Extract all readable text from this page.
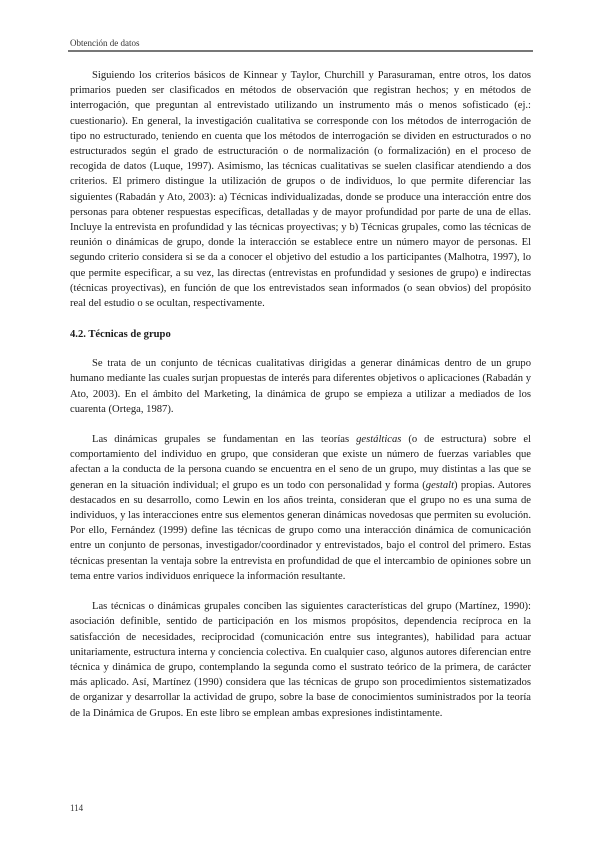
Obtención de datos

Siguiendo los criterios básicos de Kinnear y Taylor, Churchill y Parasuraman, entre otros, los datos primarios pueden ser clasificados en métodos de observación que registran hechos; y en métodos de interrogación, que preguntan al entrevistado utilizando un instrumento más o menos sofisticado (ej.: cuestionario). En general, la investigación cualitativa se corresponde con los métodos de interrogación de tipo no estructurado, teniendo en cuenta que los métodos de interrogación se dividen en estructurados o no estructurados según el grado de estructuración o de normalización (o formalización) en el proceso de recogida de datos (Luque, 1997). Asimismo, las técnicas cualitativas se suelen clasificar atendiendo a dos criterios. El primero distingue la utilización de grupos o de individuos, lo que permite diferenciar las siguientes (Rabadán y Ato, 2003): a) Técnicas individualizadas, donde se produce una interacción entre dos personas para obtener respuestas específicas, detalladas y de mayor profundidad por parte de una de ellas. Incluye la entrevista en profundidad y las técnicas proyectivas; y b) Técnicas grupales, como las técnicas de reunión o dinámicas de grupo, donde la interacción se establece entre un número mayor de personas. El segundo criterio considera si se da a conocer el objetivo del estudio a los participantes (Malhotra, 1997), lo que permite especificar, a su vez, las directas (entrevistas en profundidad y sesiones de grupo) e indirectas (técnicas proyectivas), en función de que los entrevistados sean informados (o sean obvios) del propósito real del estudio o se ocultan, respectivamente.

4.2. Técnicas de grupo

Se trata de un conjunto de técnicas cualitativas dirigidas a generar dinámicas dentro de un grupo humano mediante las cuales surjan propuestas de interés para diferentes objetivos o aplicaciones (Rabadán y Ato, 2003). En el ámbito del Marketing, la dinámica de grupo se empieza a utilizar a mediados de los cuarenta (Ortega, 1987).

Las dinámicas grupales se fundamentan en las teorías gestálticas (o de estructura) sobre el comportamiento del individuo en grupo, que consideran que existe un número de fuerzas variables que afectan a la conducta de la persona cuando se encuentra en el seno de un grupo, muy distintas a las que se generan en la situación individual; el grupo es un todo con personalidad y forma (gestalt) propias. Autores destacados en su desarrollo, como Lewin en los años treinta, consideran que el grupo no es una suma de individuos, y las interacciones entre sus elementos generan dinámicas novedosas que permiten su evolución. Por ello, Fernández (1999) define las técnicas de grupo como una interacción dinámica de comunicación entre un conjunto de personas, investigador/coordinador y entrevistados, bajo el control del primero. Estas técnicas presentan la ventaja sobre la entrevista en profundidad de que el intercambio de opiniones sobre un tema entre varios individuos enriquece la información resultante.

Las técnicas o dinámicas grupales conciben las siguientes características del grupo (Martínez, 1990): asociación definible, sentido de participación en los mismos propósitos, dependencia recíproca en la satisfacción de necesidades, reciprocidad (comunicación entre sus integrantes), habilidad para actuar unitariamente, estructura interna y conciencia colectiva. En cualquier caso, algunos autores diferencian entre técnica y dinámica de grupo, contemplando la segunda como el sustrato teórico de la primera, de carácter más aplicado. Así, Martínez (1990) considera que las técnicas de grupo son procedimientos sistematizados de organizar y desarrollar la actividad de grupo, sobre la base de conocimientos suministrados por la teoría de la Dinámica de Grupos. En este libro se emplean ambas expresiones indistintamente.

114
